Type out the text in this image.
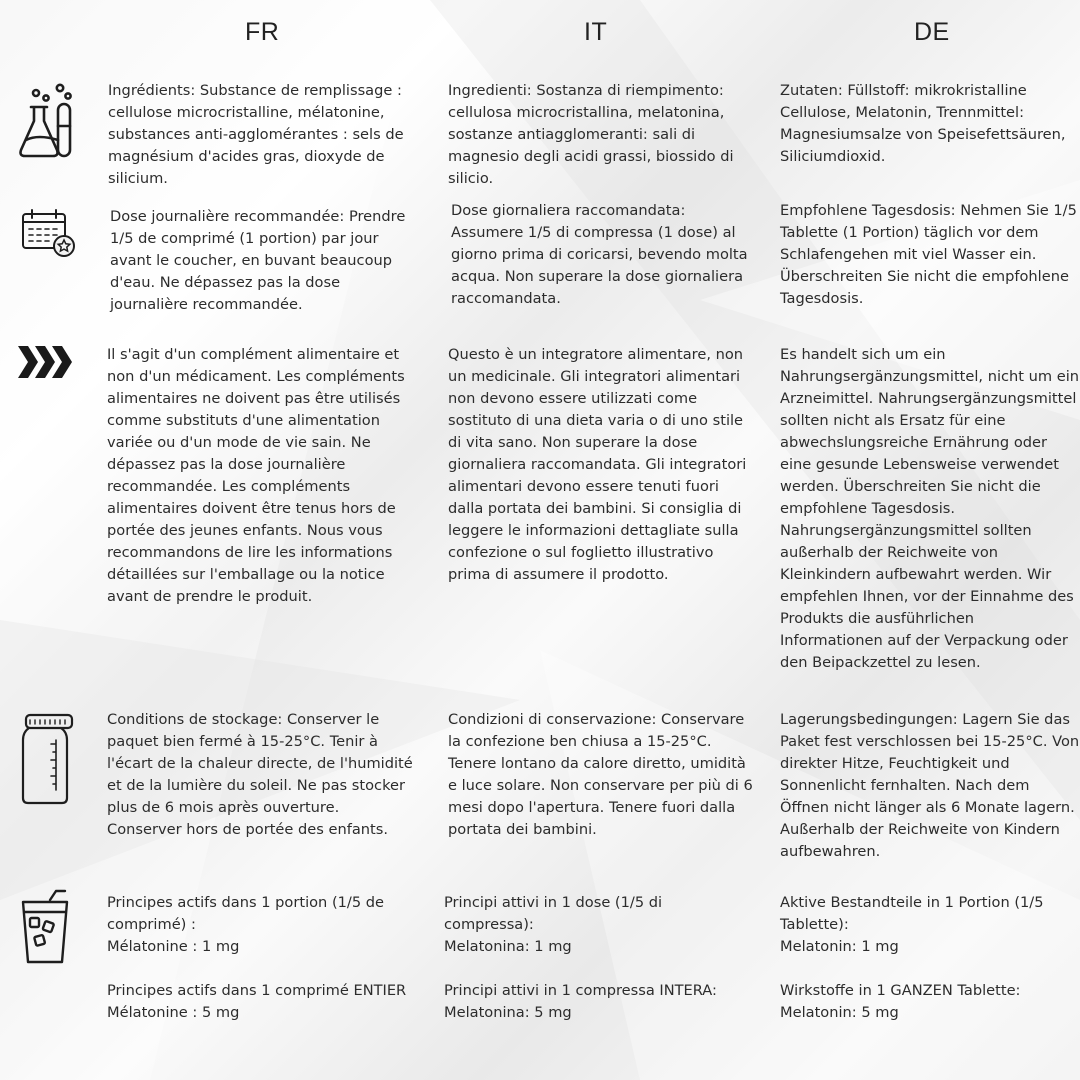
FR	IT	DE

Ingrédients: Substance de remplissage :
cellulose microcristalline, mélatonine,
substances anti-agglomérantes : sels de
magnésium d'acides gras, dioxyde de
silicium.

Ingredienti: Sostanza di riempimento:
cellulosa microcristallina, melatonina,
sostanze antiagglomeranti: sali di
magnesio degli acidi grassi, biossido di
silicio.

Zutaten: Füllstoff: mikrokristalline
Cellulose, Melatonin, Trennmittel:
Magnesiumsalze von Speisefettsäuren,
Siliciumdioxid.

Dose journalière recommandée: Prendre
1/5 de comprimé (1 portion) par jour
avant le coucher, en buvant beaucoup
d'eau. Ne dépassez pas la dose
journalière recommandée.

Dose giornaliera raccomandata:
Assumere 1/5 di compressa (1 dose) al
giorno prima di coricarsi, bevendo molta
acqua. Non superare la dose giornaliera
raccomandata.

Empfohlene Tagesdosis: Nehmen Sie 1/5
Tablette (1 Portion) täglich vor dem
Schlafengehen mit viel Wasser ein.
Überschreiten Sie nicht die empfohlene
Tagesdosis.

Il s'agit d'un complément alimentaire et
non d'un médicament. Les compléments
alimentaires ne doivent pas être utilisés
comme substituts d'une alimentation
variée ou d'un mode de vie sain. Ne
dépassez pas la dose journalière
recommandée. Les compléments
alimentaires doivent être tenus hors de
portée des jeunes enfants. Nous vous
recommandons de lire les informations
détaillées sur l'emballage ou la notice
avant de prendre le produit.

Questo è un integratore alimentare, non
un medicinale. Gli integratori alimentari
non devono essere utilizzati come
sostituto di una dieta varia o di uno stile
di vita sano. Non superare la dose
giornaliera raccomandata. Gli integratori
alimentari devono essere tenuti fuori
dalla portata dei bambini. Si consiglia di
leggere le informazioni dettagliate sulla
confezione o sul foglietto illustrativo
prima di assumere il prodotto.

Es handelt sich um ein
Nahrungsergänzungsmittel, nicht um ein
Arzneimittel. Nahrungsergänzungsmittel
sollten nicht als Ersatz für eine
abwechslungsreiche Ernährung oder
eine gesunde Lebensweise verwendet
werden. Überschreiten Sie nicht die
empfohlene Tagesdosis.
Nahrungsergänzungsmittel sollten
außerhalb der Reichweite von
Kleinkindern aufbewahrt werden. Wir
empfehlen Ihnen, vor der Einnahme des
Produkts die ausführlichen
Informationen auf der Verpackung oder
den Beipackzettel zu lesen.

Conditions de stockage: Conserver le
paquet bien fermé à 15-25°C. Tenir à
l'écart de la chaleur directe, de l'humidité
et de la lumière du soleil. Ne pas stocker
plus de 6 mois après ouverture.
Conserver hors de portée des enfants.

Condizioni di conservazione: Conservare
la confezione ben chiusa a 15-25°C.
Tenere lontano da calore diretto, umidità
e luce solare. Non conservare per più di 6
mesi dopo l'apertura. Tenere fuori dalla
portata dei bambini.

Lagerungsbedingungen: Lagern Sie das
Paket fest verschlossen bei 15-25°C. Von
direkter Hitze, Feuchtigkeit und
Sonnenlicht fernhalten. Nach dem
Öffnen nicht länger als 6 Monate lagern.
Außerhalb der Reichweite von Kindern
aufbewahren.

Principes actifs dans 1 portion (1/5 de
comprimé) :
Mélatonine : 1 mg

Principi attivi in 1 dose (1/5 di
compressa):
Melatonina: 1 mg

Aktive Bestandteile in 1 Portion (1/5
Tablette):
Melatonin: 1 mg

Principes actifs dans 1 comprimé ENTIER
Mélatonine : 5 mg

Principi attivi in 1 compressa INTERA:
Melatonina: 5 mg

Wirkstoffe in 1 GANZEN Tablette:
Melatonin: 5 mg
